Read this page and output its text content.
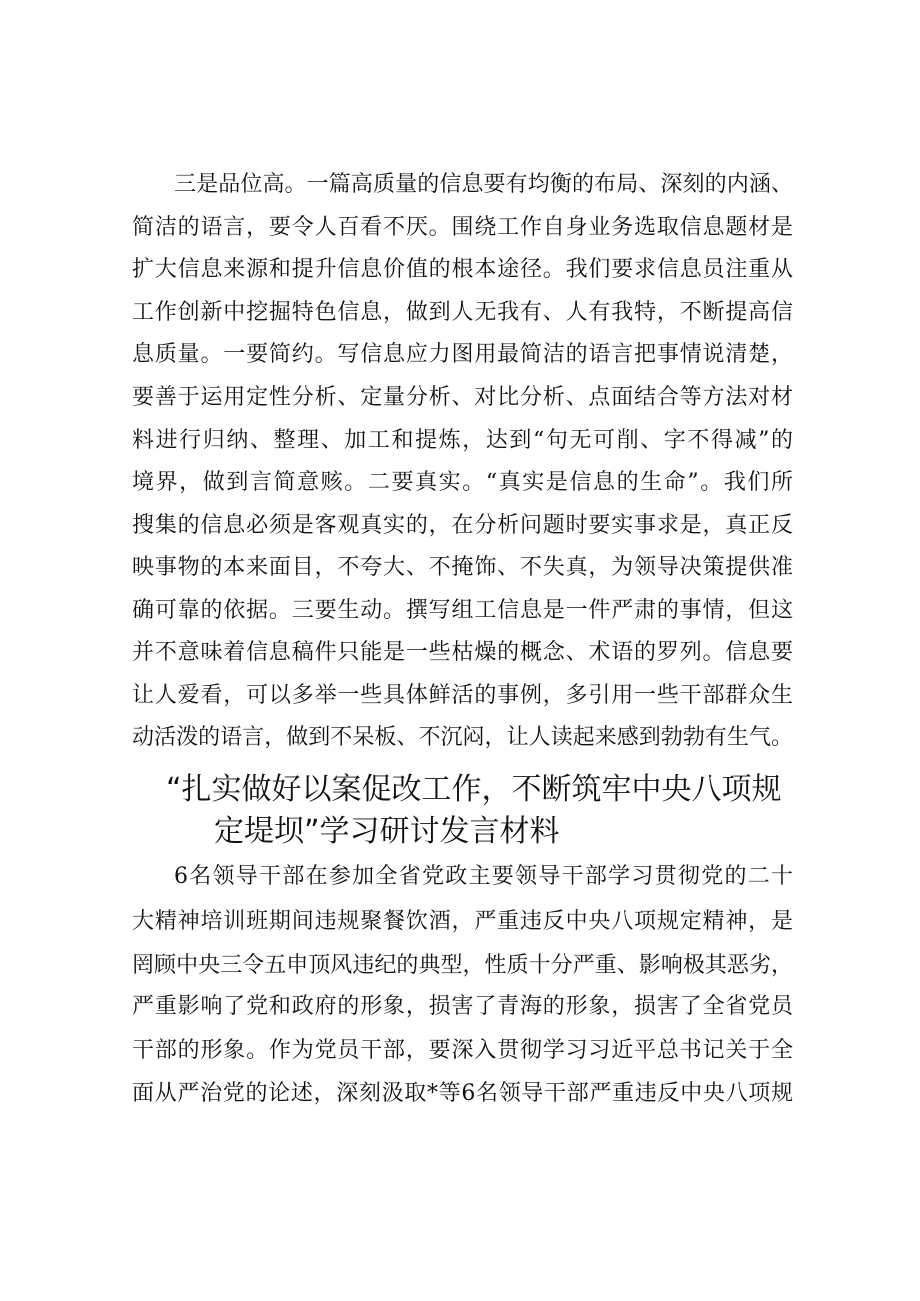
三是品位高。一篇高质量的信息要有均衡的布局、深刻的内涵、
简洁的语言，要令人百看不厌。围绕工作自身业务选取信息题材是
扩大信息来源和提升信息价值的根本途径。我们要求信息员注重从
工作创新中挖掘特色信息，做到人无我有、人有我特，不断提高信
息质量。一要简约。写信息应力图用最简洁的语言把事情说清楚，
要善于运用定性分析、定量分析、对比分析、点面结合等方法对材
料进行归纳、整理、加工和提炼，达到“句无可削、字不得减”的
境界，做到言简意赅。二要真实。“真实是信息的生命”。我们所
搜集的信息必须是客观真实的，在分析问题时要实事求是，真正反
映事物的本来面目，不夸大、不掩饰、不失真，为领导决策提供准
确可靠的依据。三要生动。撰写组工信息是一件严肃的事情，但这
并不意味着信息稿件只能是一些枯燥的概念、术语的罗列。信息要
让人爱看，可以多举一些具体鲜活的事例，多引用一些干部群众生
动活泼的语言，做到不呆板、不沉闷，让人读起来感到勃勃有生气。
“扎实做好以案促改工作，不断筑牢中央八项规
定堤坝”学习研讨发言材料
6名领导干部在参加全省党政主要领导干部学习贯彻党的二十
大精神培训班期间违规聚餐饮酒，严重违反中央八项规定精神，是
罔顾中央三令五申顶风违纪的典型，性质十分严重、影响极其恶劣，
严重影响了党和政府的形象，损害了青海的形象，损害了全省党员
干部的形象。作为党员干部，要深入贯彻学习习近平总书记关于全
面从严治党的论述，深刻汲取*等6名领导干部严重违反中央八项规
